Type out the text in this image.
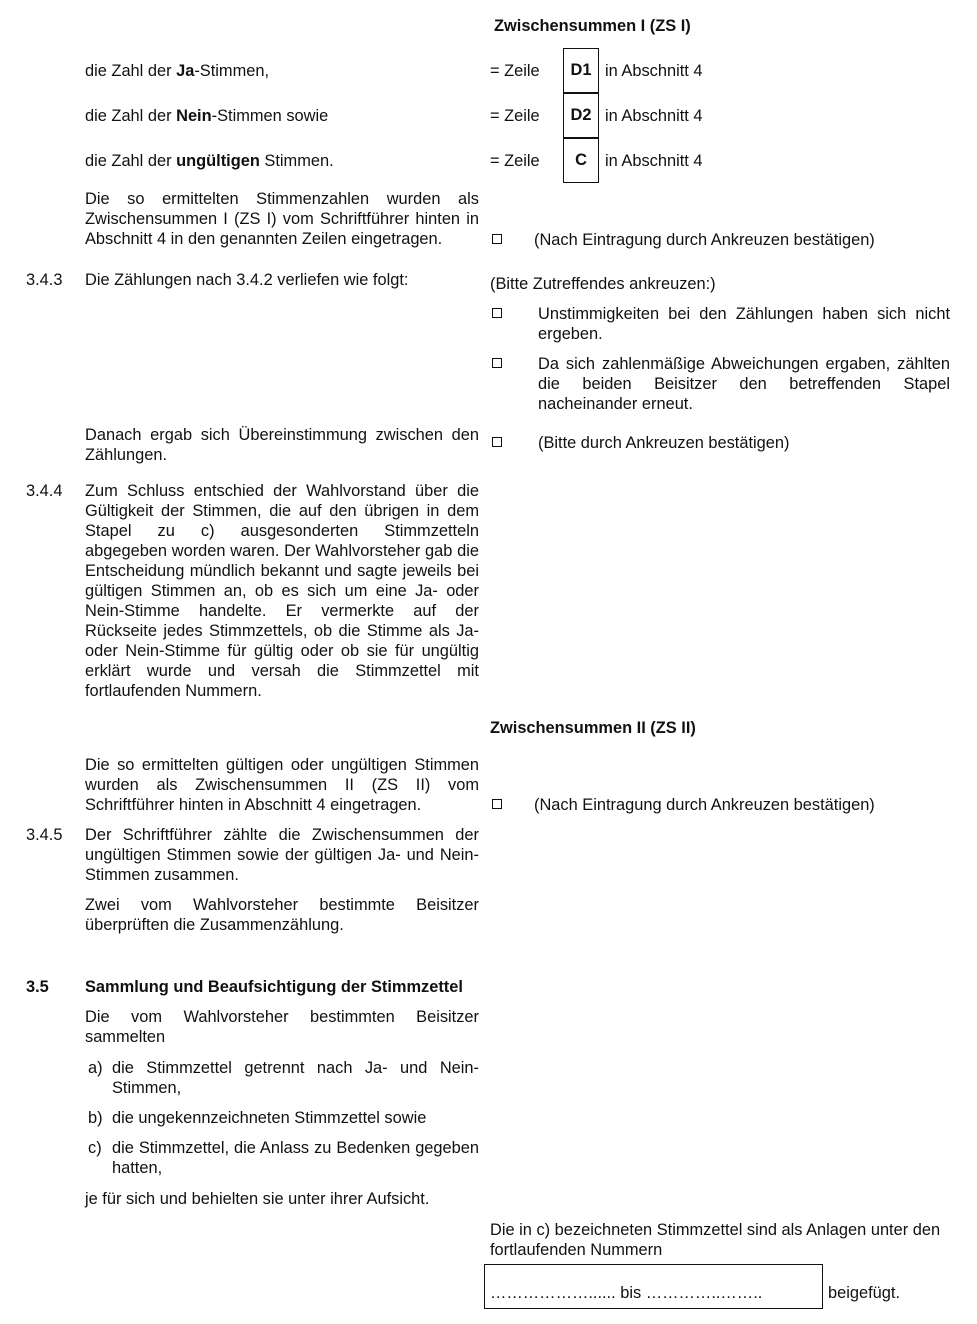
Zwischensummen I (ZS I)
die Zahl der Ja-Stimmen,	= Zeile	D1 in Abschnitt 4
die Zahl der Nein-Stimmen sowie	= Zeile	D2 in Abschnitt 4
die Zahl der ungültigen Stimmen.	= Zeile	C	in Abschnitt 4
Die so ermittelten Stimmenzahlen wurden als Zwischensummen I (ZS I) vom Schriftführer hinten in Abschnitt 4 in den genannten Zeilen eingetragen.	(Nach Eintragung durch Ankreuzen bestätigen)
3.4.3 Die Zählungen nach 3.4.2 verliefen wie folgt:	(Bitte Zutreffendes ankreuzen:)
Unstimmigkeiten bei den Zählungen haben sich nicht ergeben.
Da sich zahlenmäßige Abweichungen ergaben, zählten die beiden Beisitzer den betreffenden Stapel nacheinander erneut.
Danach ergab sich Übereinstimmung zwischen den Zählungen.
(Bitte durch Ankreuzen bestätigen)
3.4.4 Zum Schluss entschied der Wahlvorstand über die Gültigkeit der Stimmen, die auf den übrigen in dem Stapel zu c) ausgesonderten Stimmzetteln abgegeben worden waren. Der Wahlvorsteher gab die Entscheidung mündlich bekannt und sagte jeweils bei gültigen Stimmen an, ob es sich um eine Ja- oder Nein-Stimme handelte. Er vermerkte auf der Rückseite jedes Stimmzettels, ob die Stimme als Ja- oder Nein-Stimme für gültig oder ob sie für ungültig erklärt wurde und versah die Stimmzettel mit fortlaufenden Nummern.
Zwischensummen II (ZS II)
Die so ermittelten gültigen oder ungültigen Stimmen wurden als Zwischensummen II (ZS II) vom Schriftführer hinten in Abschnitt 4 eingetragen.	(Nach Eintragung durch Ankreuzen bestätigen)
3.4.5 Der Schriftführer zählte die Zwischensummen der ungültigen Stimmen sowie der gültigen Ja- und Nein-Stimmen zusammen.
Zwei vom Wahlvorsteher bestimmte Beisitzer überprüften die Zusammenzählung.
3.5 Sammlung und Beaufsichtigung der Stimmzettel
Die vom Wahlvorsteher bestimmten Beisitzer sammelten
a) die Stimmzettel getrennt nach Ja- und Nein-Stimmen,
b) die ungekennzeichneten Stimmzettel sowie
c) die Stimmzettel, die Anlass zu Bedenken gegeben hatten,
je für sich und behielten sie unter ihrer Aufsicht.
Die in c) bezeichneten Stimmzettel sind als Anlagen unter den fortlaufenden Nummern
………………...... bis …………..……..	beigefügt.
